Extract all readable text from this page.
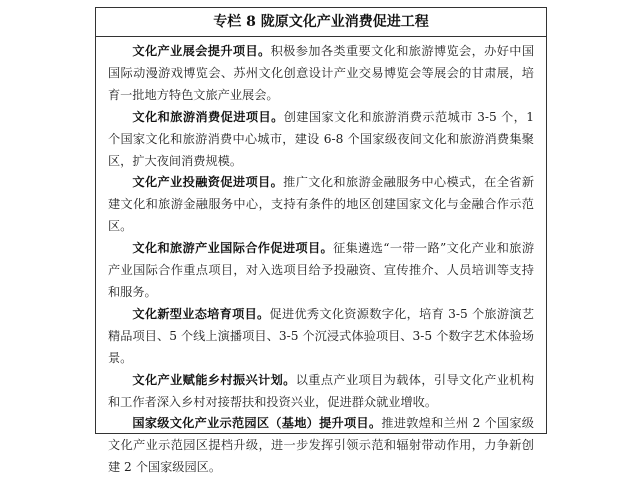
专栏 8 陇原文化产业消费促进工程

文化产业展会提升项目。积极参加各类重要文化和旅游博览会，办好中国国际动漫游戏博览会、苏州文化创意设计产业交易博览会等展会的甘肃展，培育一批地方特色文旅产业展会。

文化和旅游消费促进项目。创建国家文化和旅游消费示范城市 3-5 个，1 个国家文化和旅游消费中心城市，建设 6-8 个国家级夜间文化和旅游消费集聚区，扩大夜间消费规模。

文化产业投融资促进项目。推广文化和旅游金融服务中心模式，在全省新建文化和旅游金融服务中心，支持有条件的地区创建国家文化与金融合作示范区。

文化和旅游产业国际合作促进项目。征集遴选“一带一路”文化产业和旅游产业国际合作重点项目，对入选项目给予投融资、宣传推介、人员培训等支持和服务。

文化新型业态培育项目。促进优秀文化资源数字化，培育 3-5 个旅游演艺精品项目、5 个线上演播项目、3-5 个沉浸式体验项目、3-5 个数字艺术体验场景。

文化产业赋能乡村振兴计划。以重点产业项目为载体，引导文化产业机构和工作者深入乡村对接帮扶和投资兴业，促进群众就业增收。

国家级文化产业示范园区（基地）提升项目。推进敦煌和兰州 2 个国家级文化产业示范园区提档升级，进一步发挥引领示范和辐射带动作用，力争新创建 2 个国家级园区。
